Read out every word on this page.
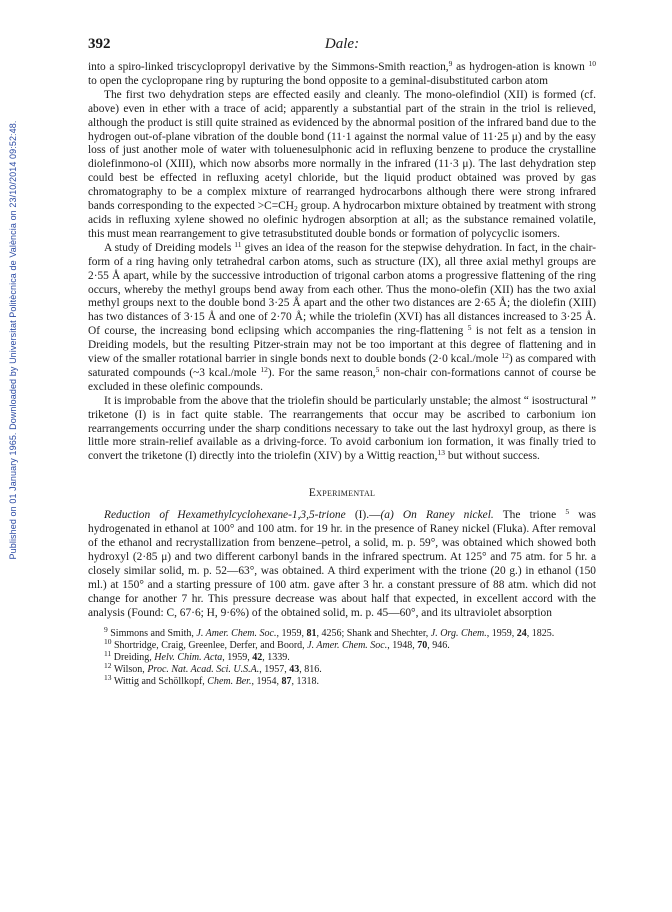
Published on 01 January 1965. Downloaded by Universitat Politècnica de València on 23/10/2014 09:52:48.
392	Dale:

into a spiro-linked triscyclopropyl derivative by the Simmons-Smith reaction,$^9$ as hydrogen-ation is known $^{10}$ to open the cyclopropane ring by rupturing the bond opposite to a geminal-disubstituted carbon atom

The first two dehydration steps are effected easily and cleanly. The mono-olefindiol (XII) is formed (cf. above) even in ether with a trace of acid; apparently a substantial part of the strain in the triol is relieved, although the product is still quite strained as evidenced by the abnormal position of the infrared band due to the hydrogen out-of-plane vibration of the double bond (11·1 against the normal value of 11·25 μ) and by the easy loss of just another mole of water with toluenesulphonic acid in refluxing benzene to produce the crystalline diolefinmono-ol (XIII), which now absorbs more normally in the infrared (11·3 μ). The last dehydration step could best be effected in refluxing acetyl chloride, but the liquid product obtained was proved by gas chromatography to be a complex mixture of rearranged hydrocarbons although there were strong infrared bands corresponding to the expected $>C=CH_2$ group. A hydrocarbon mixture obtained by treatment with strong acids in refluxing xylene showed no olefinic hydrogen absorption at all; as the substance remained volatile, this must mean rearrangement to give tetrasubstituted double bonds or formation of polycyclic isomers.

A study of Dreiding models $^{11}$ gives an idea of the reason for the stepwise dehydration. In fact, in the chair-form of a ring having only tetrahedral carbon atoms, such as structure (IX), all three axial methyl groups are 2·55 Å apart, while by the successive introduction of trigonal carbon atoms a progressive flattening of the ring occurs, whereby the methyl groups bend away from each other. Thus the mono-olefin (XII) has the two axial methyl groups next to the double bond 3·25 Å apart and the other two distances are 2·65 Å; the diolefin (XIII) has two distances of 3·15 Å and one of 2·70 Å; while the triolefin (XVI) has all distances increased to 3·25 Å. Of course, the increasing bond eclipsing which accompanies the ring-flattening $^5$ is not felt as a tension in Dreiding models, but the resulting Pitzer-strain may not be too important at this degree of flattening and in view of the smaller rotational barrier in single bonds next to double bonds (2·0 kcal./mole $^{12}$) as compared with saturated compounds (~3 kcal./mole $^{12}$). For the same reason,$^5$ non-chair con-formations cannot of course be excluded in these olefinic compounds.

It is improbable from the above that the triolefin should be particularly unstable; the almost “ isostructural ” triketone (I) is in fact quite stable. The rearrangements that occur may be ascribed to carbonium ion rearrangements occurring under the sharp conditions necessary to take out the last hydroxyl group, as there is little more strain-relief available as a driving-force. To avoid carbonium ion formation, it was finally tried to convert the triketone (I) directly into the triolefin (XIV) by a Wittig reaction,$^{13}$ but without success.

Experimental

Reduction of Hexamethylcyclohexane-1,3,5-trione (I).—(a) On Raney nickel. The trione $^5$ was hydrogenated in ethanol at 100° and 100 atm. for 19 hr. in the presence of Raney nickel (Fluka). After removal of the ethanol and recrystallization from benzene–petrol, a solid, m. p. 59°, was obtained which showed both hydroxyl (2·85 μ) and two different carbonyl bands in the infrared spectrum. At 125° and 75 atm. for 5 hr. a closely similar solid, m. p. 52—63°, was obtained. A third experiment with the trione (20 g.) in ethanol (150 ml.) at 150° and a starting pressure of 100 atm. gave after 3 hr. a constant pressure of 88 atm. which did not change for another 7 hr. This pressure decrease was about half that expected, in excellent accord with the analysis (Found: C, 67·6; H, 9·6%) of the obtained solid, m. p. 45—60°, and its ultraviolet absorption

$^9$ Simmons and Smith, J. Amer. Chem. Soc., 1959, 81, 4256; Shank and Shechter, J. Org. Chem., 1959, 24, 1825.

$^{10}$ Shortridge, Craig, Greenlee, Derfer, and Boord, J. Amer. Chem. Soc., 1948, 70, 946.

$^{11}$ Dreiding, Helv. Chim. Acta, 1959, 42, 1339.

$^{12}$ Wilson, Proc. Nat. Acad. Sci. U.S.A., 1957, 43, 816.

$^{13}$ Wittig and Schöllkopf, Chem. Ber., 1954, 87, 1318.
